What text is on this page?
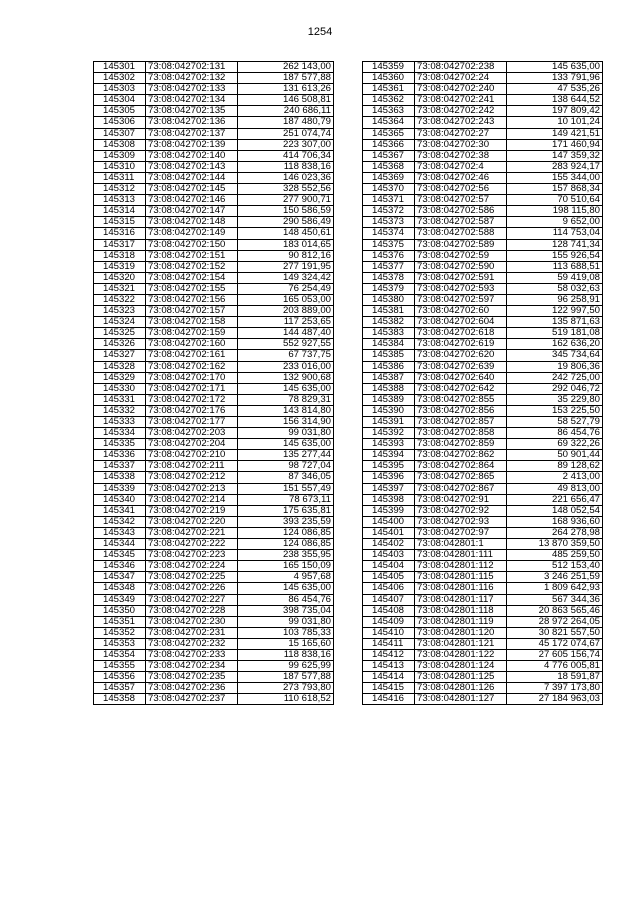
1254
145301	73:08:042702:131	262 143,00
145302	73:08:042702:132	187 577,88
145303	73:08:042702:133	131 613,26
145304	73:08:042702:134	146 508,81
145305	73:08:042702:135	240 686,11
145306	73:08:042702:136	187 480,79
145307	73:08:042702:137	251 074,74
145308	73:08:042702:139	223 307,00
145309	73:08:042702:140	414 706,34
145310	73:08:042702:143	118 838,16
145311	73:08:042702:144	146 023,36
145312	73:08:042702:145	328 552,56
145313	73:08:042702:146	277 900,71
145314	73:08:042702:147	150 586,59
145315	73:08:042702:148	290 586,49
145316	73:08:042702:149	148 450,61
145317	73:08:042702:150	183 014,65
145318	73:08:042702:151	90 812,16
145319	73:08:042702:152	277 191,95
145320	73:08:042702:154	149 324,42
145321	73:08:042702:155	76 254,49
145322	73:08:042702:156	165 053,00
145323	73:08:042702:157	203 889,00
145324	73:08:042702:158	117 253,65
145325	73:08:042702:159	144 487,40
145326	73:08:042702:160	552 927,55
145327	73:08:042702:161	67 737,75
145328	73:08:042702:162	233 016,00
145329	73:08:042702:170	132 900,68
145330	73:08:042702:171	145 635,00
145331	73:08:042702:172	78 829,31
145332	73:08:042702:176	143 814,80
145333	73:08:042702:177	156 314,90
145334	73:08:042702:203	99 031,80
145335	73:08:042702:204	145 635,00
145336	73:08:042702:210	135 277,44
145337	73:08:042702:211	98 727,04
145338	73:08:042702:212	87 346,05
145339	73:08:042702:213	151 557,49
145340	73:08:042702:214	78 673,11
145341	73:08:042702:219	175 635,81
145342	73:08:042702:220	393 235,59
145343	73:08:042702:221	124 086,85
145344	73:08:042702:222	124 086,85
145345	73:08:042702:223	238 355,95
145346	73:08:042702:224	165 150,09
145347	73:08:042702:225	4 957,68
145348	73:08:042702:226	145 635,00
145349	73:08:042702:227	86 454,76
145350	73:08:042702:228	398 735,04
145351	73:08:042702:230	99 031,80
145352	73:08:042702:231	103 785,33
145353	73:08:042702:232	15 165,60
145354	73:08:042702:233	118 838,16
145355	73:08:042702:234	99 625,99
145356	73:08:042702:235	187 577,88
145357	73:08:042702:236	273 793,80
145358	73:08:042702:237	110 618,52
145359	73:08:042702:238	145 635,00
145360	73:08:042702:24	133 791,96
145361	73:08:042702:240	47 535,26
145362	73:08:042702:241	138 644,52
145363	73:08:042702:242	197 809,42
145364	73:08:042702:243	10 101,24
145365	73:08:042702:27	149 421,51
145366	73:08:042702:30	171 460,94
145367	73:08:042702:38	147 359,32
145368	73:08:042702:4	283 924,17
145369	73:08:042702:46	155 344,00
145370	73:08:042702:56	157 868,34
145371	73:08:042702:57	70 510,64
145372	73:08:042702:586	198 115,80
145373	73:08:042702:587	9 652,00
145374	73:08:042702:588	114 753,04
145375	73:08:042702:589	128 741,34
145376	73:08:042702:59	155 926,54
145377	73:08:042702:590	113 688,51
145378	73:08:042702:591	59 419,08
145379	73:08:042702:593	58 032,63
145380	73:08:042702:597	96 258,91
145381	73:08:042702:60	122 997,50
145382	73:08:042702:604	135 871,63
145383	73:08:042702:618	519 181,08
145384	73:08:042702:619	162 636,20
145385	73:08:042702:620	345 734,64
145386	73:08:042702:639	19 806,36
145387	73:08:042702:640	242 725,00
145388	73:08:042702:642	292 046,72
145389	73:08:042702:855	35 229,80
145390	73:08:042702:856	153 225,50
145391	73:08:042702:857	58 527,79
145392	73:08:042702:858	86 454,76
145393	73:08:042702:859	69 322,26
145394	73:08:042702:862	50 901,44
145395	73:08:042702:864	89 128,62
145396	73:08:042702:865	2 413,00
145397	73:08:042702:867	49 813,00
145398	73:08:042702:91	221 656,47
145399	73:08:042702:92	148 052,54
145400	73:08:042702:93	168 936,60
145401	73:08:042702:97	264 278,98
145402	73:08:042801:1	13 870 359,50
145403	73:08:042801:111	485 259,50
145404	73:08:042801:112	512 153,40
145405	73:08:042801:115	3 246 251,59
145406	73:08:042801:116	1 809 642,93
145407	73:08:042801:117	567 344,36
145408	73:08:042801:118	20 863 565,46
145409	73:08:042801:119	28 972 264,05
145410	73:08:042801:120	30 821 557,50
145411	73:08:042801:121	45 172 074,67
145412	73:08:042801:122	27 605 156,74
145413	73:08:042801:124	4 776 005,81
145414	73:08:042801:125	18 591,87
145415	73:08:042801:126	7 397 173,80
145416	73:08:042801:127	27 184 963,03
